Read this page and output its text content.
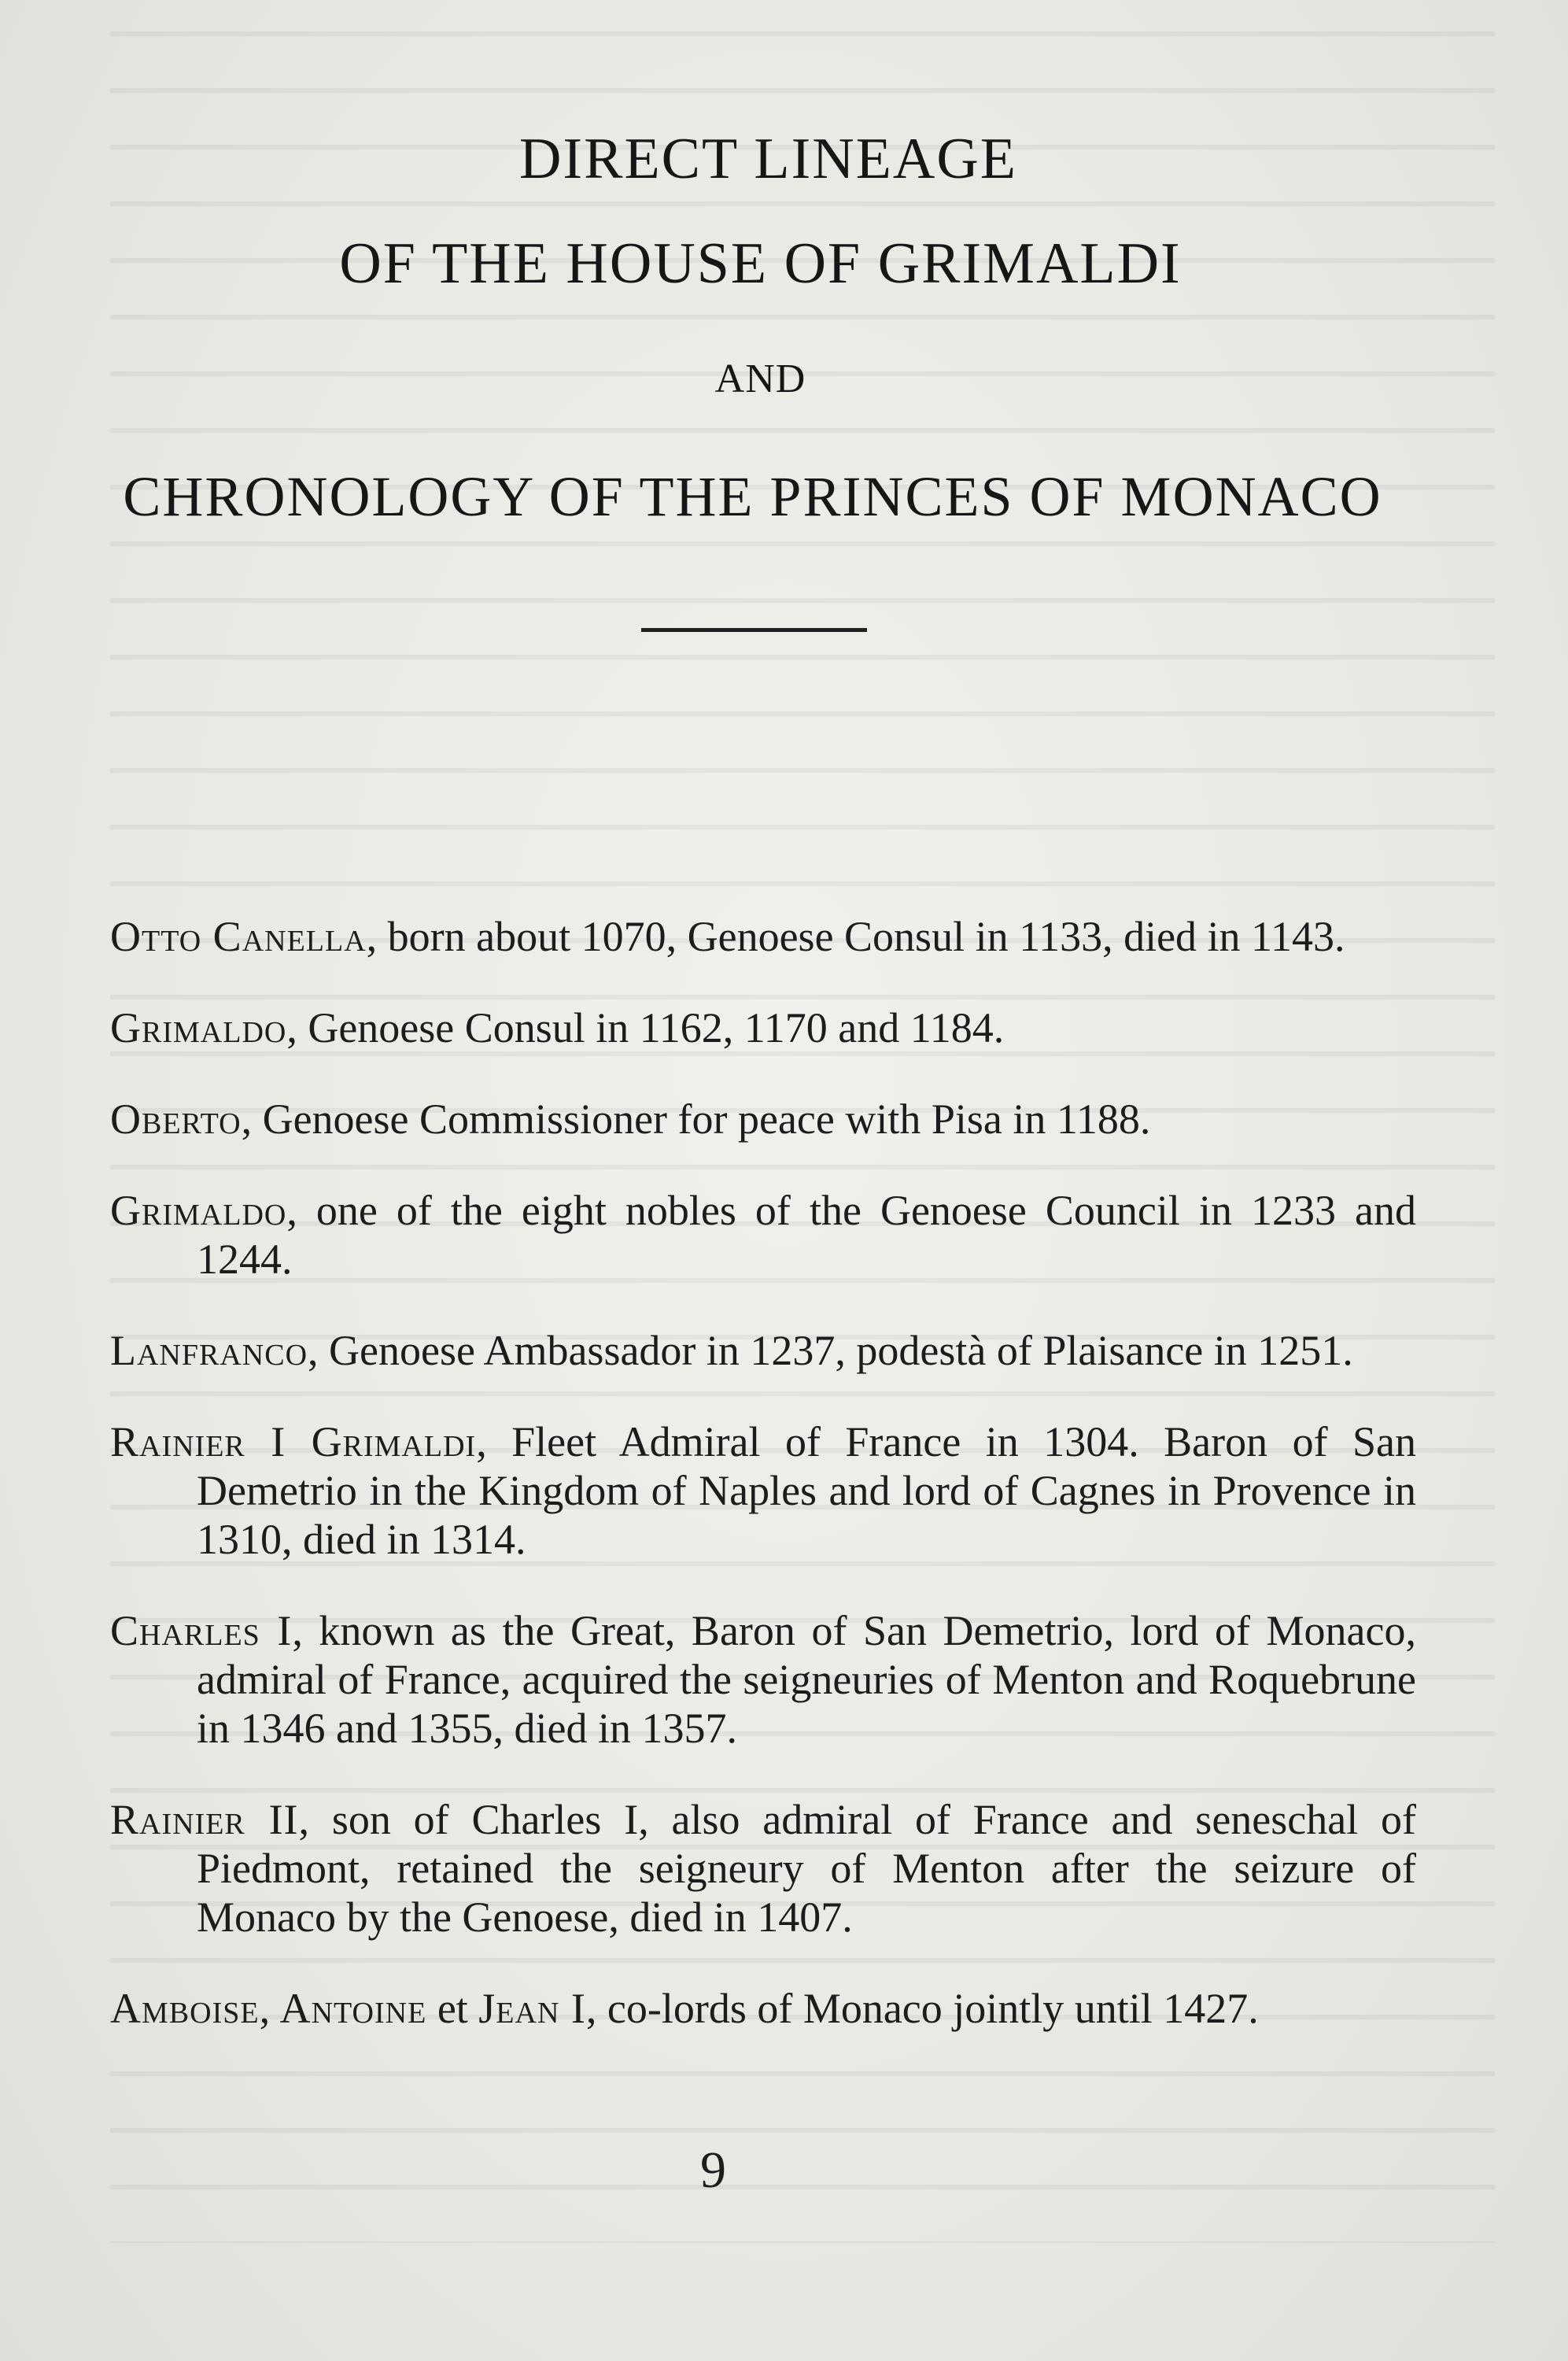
DIRECT LINEAGE
OF THE HOUSE OF GRIMALDI
AND
CHRONOLOGY OF THE PRINCES OF MONACO

Otto Canella, born about 1070, Genoese Consul in 1133, died in 1143.

Grimaldo, Genoese Consul in 1162, 1170 and 1184.

Oberto, Genoese Commissioner for peace with Pisa in 1188.

Grimaldo, one of the eight nobles of the Genoese Council in 1233 and 1244.

Lanfranco, Genoese Ambassador in 1237, podestà of Plaisance in 1251.

Rainier I Grimaldi, Fleet Admiral of France in 1304. Baron of San Demetrio in the Kingdom of Naples and lord of Cagnes in Provence in 1310, died in 1314.

Charles I, known as the Great, Baron of San Demetrio, lord of Monaco, admiral of France, acquired the seigneuries of Menton and Roquebrune in 1346 and 1355, died in 1357.

Rainier II, son of Charles I, also admiral of France and seneschal of Piedmont, retained the seigneury of Menton after the seizure of Monaco by the Genoese, died in 1407.

Amboise, Antoine et Jean I, co-lords of Monaco jointly until 1427.

9
